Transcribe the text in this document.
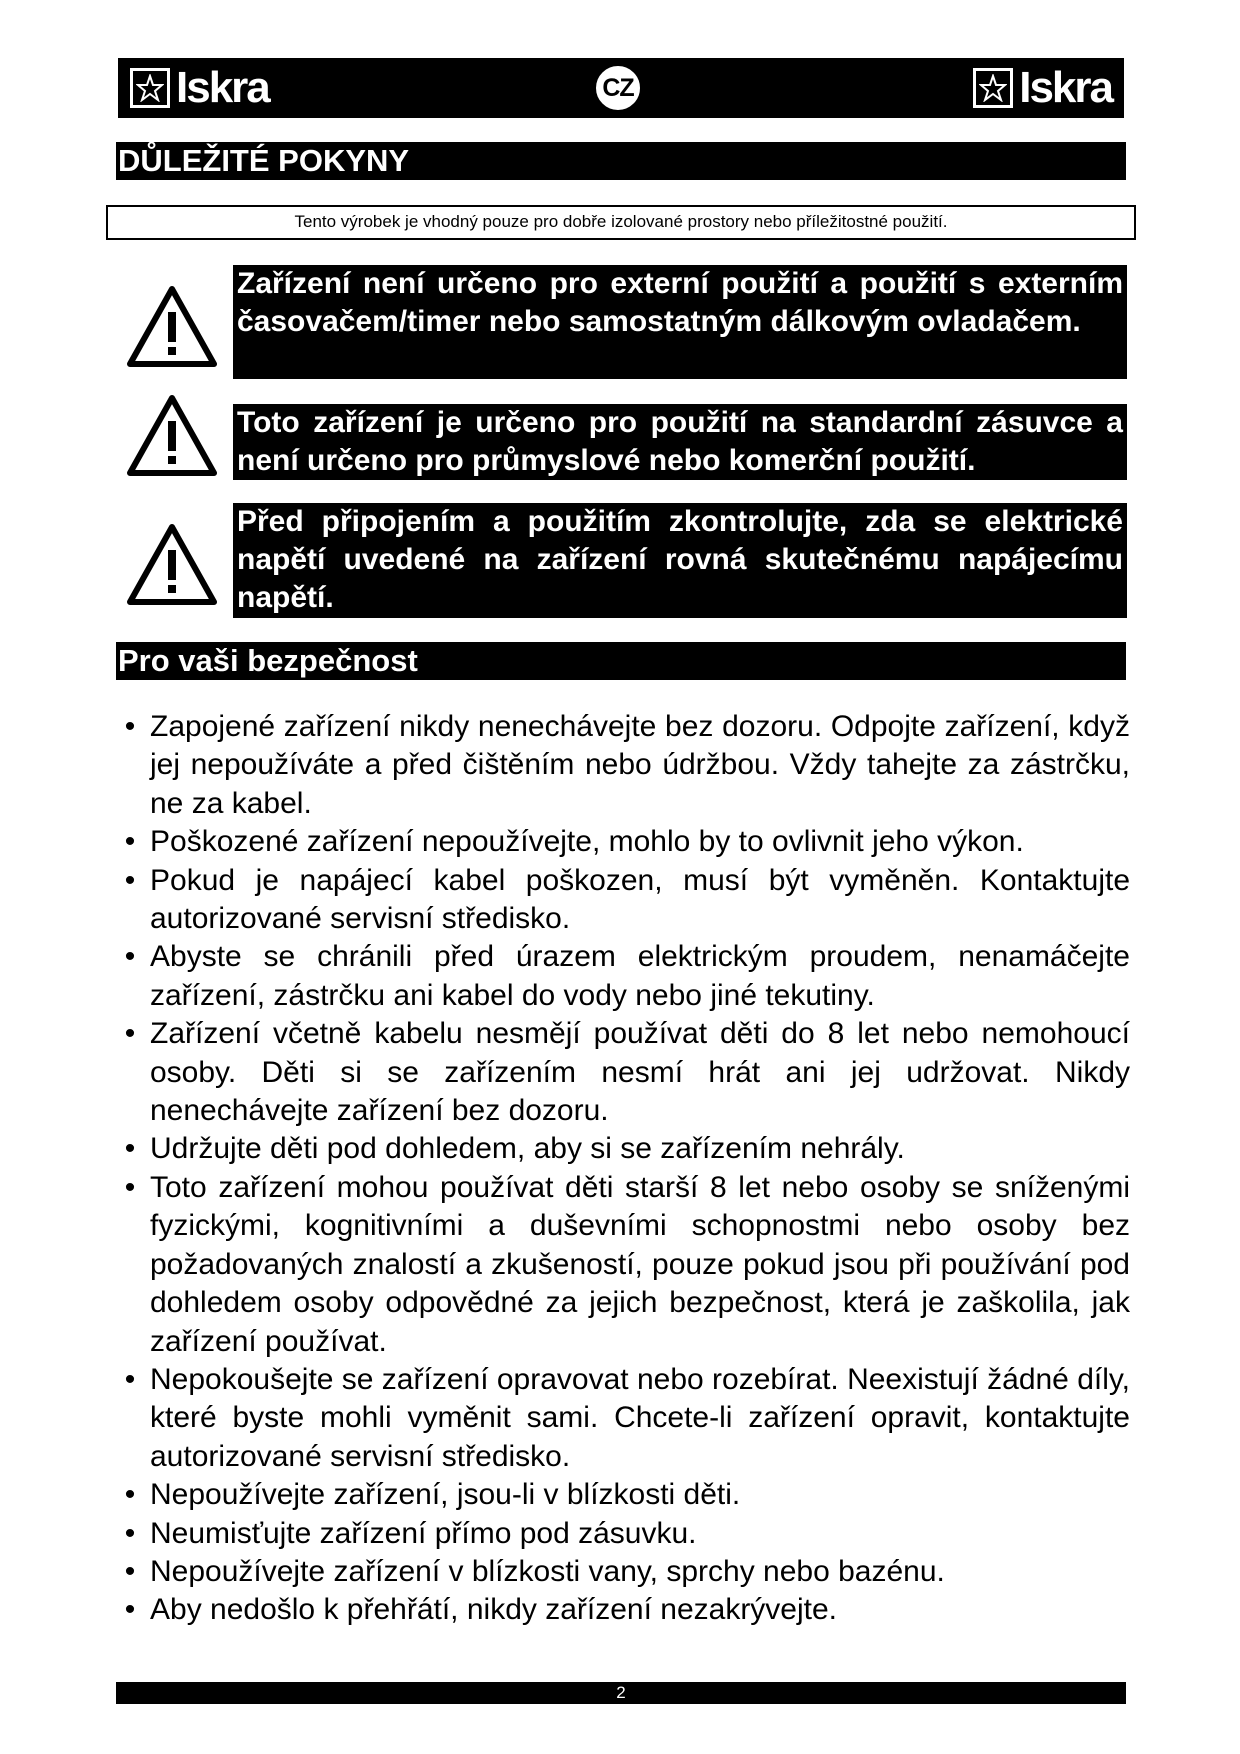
Iskra	CZ	Iskra
DŮLEŽITÉ POKYNY
Tento výrobek je vhodný pouze pro dobře izolované prostory nebo příležitostné použití.
Zařízení není určeno pro externí použití a použití s externím časovačem/timer nebo samostatným dálkovým ovladačem.
Toto zařízení je určeno pro použití na standardní zásuvce a není určeno pro průmyslové nebo komerční použití.
Před připojením a použitím zkontrolujte, zda se elektrické napětí uvedené na zařízení rovná skutečnému napájecímu napětí.
Pro vaši bezpečnost
• Zapojené zařízení nikdy nenechávejte bez dozoru. Odpojte zařízení, když jej nepoužíváte a před čištěním nebo údržbou. Vždy tahejte za zástrčku, ne za kabel.
• Poškozené zařízení nepoužívejte, mohlo by to ovlivnit jeho výkon.
• Pokud je napájecí kabel poškozen, musí být vyměněn. Kontaktujte autorizované servisní středisko.
• Abyste se chránili před úrazem elektrickým proudem, nenamáčejte zařízení, zástrčku ani kabel do vody nebo jiné tekutiny.
• Zařízení včetně kabelu nesmějí používat děti do 8 let nebo nemohoucí osoby. Děti si se zařízením nesmí hrát ani jej udržovat. Nikdy nenechávejte zařízení bez dozoru.
• Udržujte děti pod dohledem, aby si se zařízením nehrály.
• Toto zařízení mohou používat děti starší 8 let nebo osoby se sníženými fyzickými, kognitivními a duševními schopnostmi nebo osoby bez požadovaných znalostí a zkušeností, pouze pokud jsou při používání pod dohledem osoby odpovědné za jejich bezpečnost, která je zaškolila, jak zařízení používat.
• Nepokoušejte se zařízení opravovat nebo rozebírat. Neexistují žádné díly, které byste mohli vyměnit sami. Chcete-li zařízení opravit, kontaktujte autorizované servisní středisko.
• Nepoužívejte zařízení, jsou-li v blízkosti děti.
• Neumisťujte zařízení přímo pod zásuvku.
• Nepoužívejte zařízení v blízkosti vany, sprchy nebo bazénu.
• Aby nedošlo k přehřátí, nikdy zařízení nezakrývejte.
2
